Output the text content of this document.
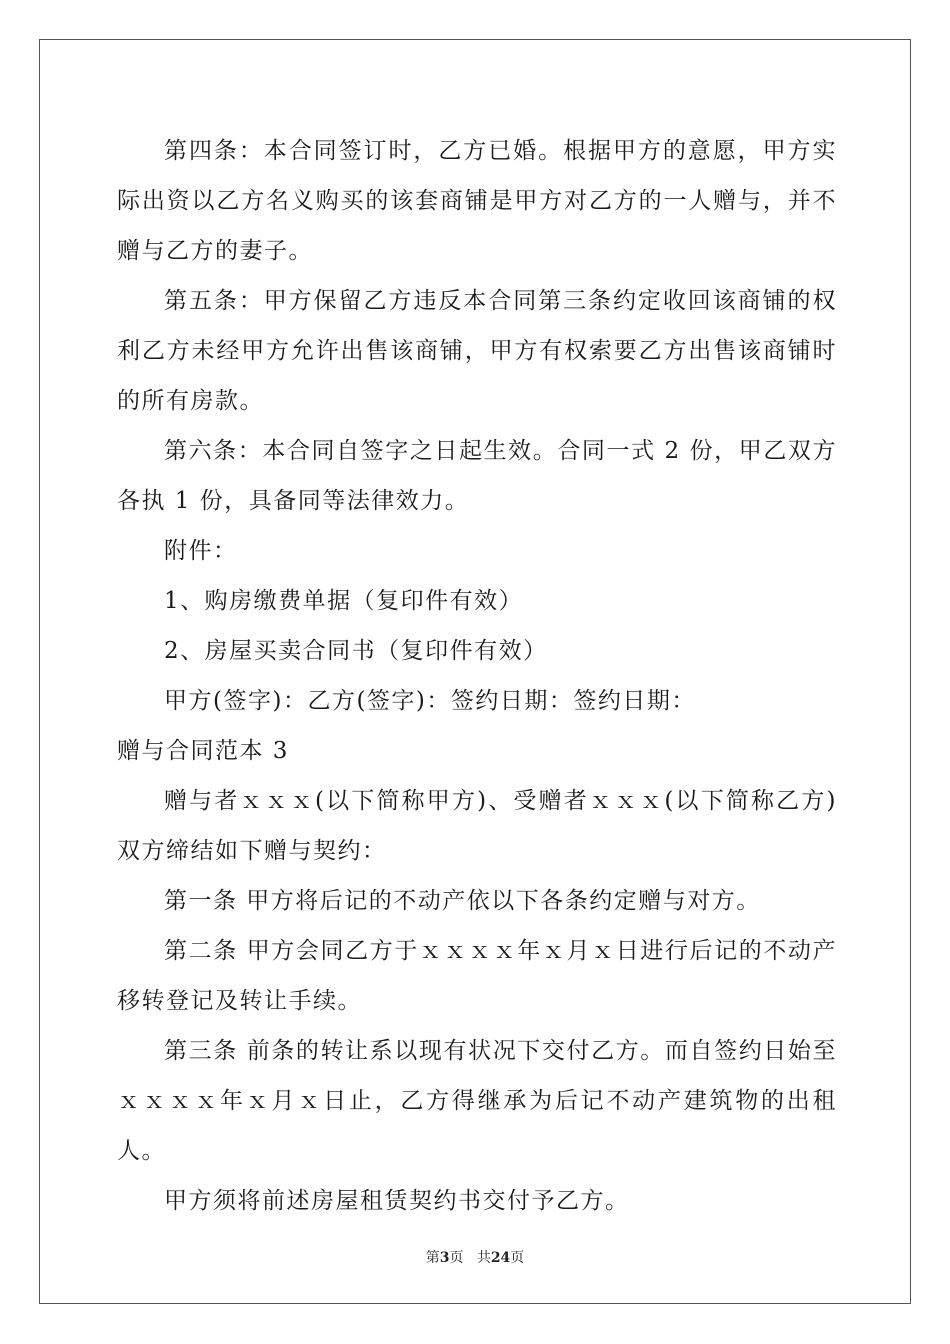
第四条：本合同签订时，乙方已婚。根据甲方的意愿，甲方实际出资以乙方名义购买的该套商铺是甲方对乙方的一人赠与，并不赠与乙方的妻子。

第五条：甲方保留乙方违反本合同第三条约定收回该商铺的权利乙方未经甲方允许出售该商铺，甲方有权索要乙方出售该商铺时的所有房款。

第六条：本合同自签字之日起生效。合同一式 2 份，甲乙双方各执 1 份，具备同等法律效力。

附件：

1、购房缴费单据（复印件有效）

2、房屋买卖合同书（复印件有效）

甲方(签字)：乙方(签字)：签约日期：签约日期：

赠与合同范本 3

赠与者ｘｘｘ(以下简称甲方)、受赠者ｘｘｘ(以下简称乙方)双方缔结如下赠与契约：

第一条 甲方将后记的不动产依以下各条约定赠与对方。

第二条 甲方会同乙方于ｘｘｘｘ年ｘ月ｘ日进行后记的不动产移转登记及转让手续。

第三条 前条的转让系以现有状况下交付乙方。而自签约日始至ｘｘｘｘ年ｘ月ｘ日止，乙方得继承为后记不动产建筑物的出租人。

甲方须将前述房屋租赁契约书交付予乙方。

第3页 共24页
